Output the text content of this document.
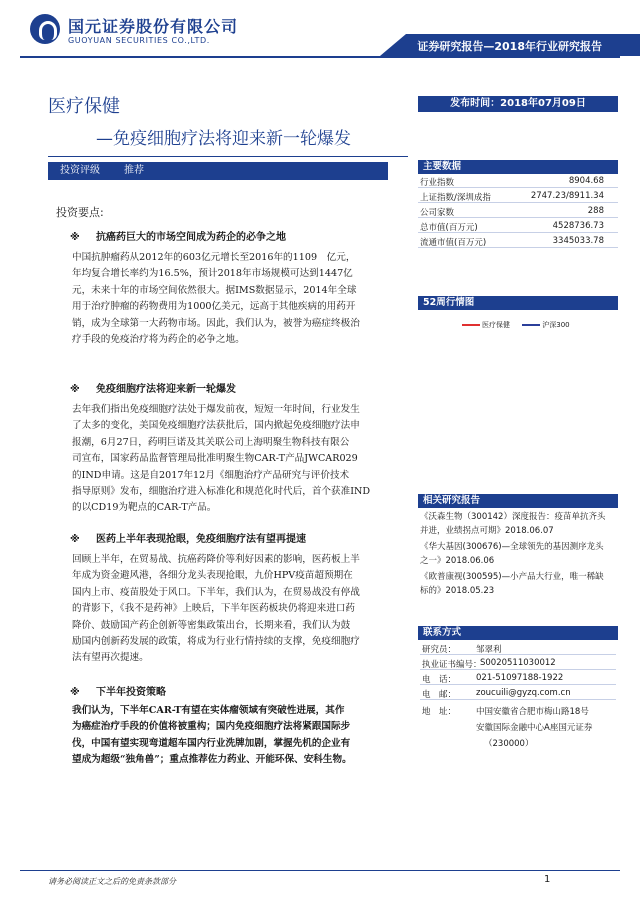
国元证券股份有限公司
GUOYUAN SECURITIES CO.,LTD.	证券研究报告—2018年行业研究报告
医疗保健
—免疫细胞疗法将迎来新一轮爆发
发布时间：2018年07月09日
投资评级 推荐
投资要点:
※ 抗癌药巨大的市场空间成为药企的必争之地
中国抗肿瘤药从2012年的603亿元增长至2016年的1109　亿元，
年均复合增长率约为16.5%，预计2018年市场规模可达到1447亿
元，未来十年的市场空间依然很大。据IMS数据显示，2014年全球
用于治疗肿瘤的药物费用为1000亿美元，远高于其他疾病的用药开
销，成为全球第一大药物市场。因此，我们认为，被誉为癌症终极治
疗手段的免疫治疗将为药企的必争之地。
※ 免疫细胞疗法将迎来新一轮爆发
去年我们指出免疫细胞疗法处于爆发前夜，短短一年时间，行业发生
了太多的变化，美国免疫细胞疗法获批后，国内掀起免疫细胞疗法申
报潮，6月27日，药明巨诺及其关联公司上海明聚生物科技有限公
司宣布，国家药品监督管理局批准明聚生物CAR-T产品JWCAR029
的IND申请。这是自2017年12月《细胞治疗产品研究与评价技术
指导原则》发布，细胞治疗进入标准化和规范化时代后，首个获准IND
的以CD19为靶点的CAR-T产品。
※ 医药上半年表现抢眼，免疫细胞疗法有望再提速
回顾上半年，在贸易战、抗癌药降价等利好因素的影响，医药板上半
年成为资金避风港，各细分龙头表现抢眼，九价HPV疫苗超预期在
国内上市、疫苗股处于风口。下半年，我们认为，在贸易战没有停战
的背影下，《我不是药神》上映后，下半年医药板块仍将迎来进口药
降价、鼓励国产药企创新等密集政策出台，长期来看，我们认为鼓
励国内创新药发展的政策，将成为行业行情持续的支撑，免疫细胞疗
法有望再次提速。
※ 下半年投资策略
我们认为，下半年CAR-T有望在实体瘤领域有突破性进展，其作
为癌症治疗手段的价值将被重构；国内免疫细胞疗法将紧跟国际步
伐，中国有望实现弯道超车国内行业洗牌加剧，掌握先机的企业有
望成为超级“独角兽”；重点推荐佐力药业、开能环保、安科生物。
主要数据
行业指数	8904.68
上证指数/深圳成指	2747.23/8911.34
公司家数	288
总市值(百万元)	4528736.73
流通市值(百万元)	3345033.78
52周行情图
医疗保健	沪深300
相关研究报告
《沃森生物（300142）深度报告：疫苗单抗齐头
并进，业绩拐点可期》2018.06.07
《华大基因(300676)—全球领先的基因测序龙头
之一》2018.06.06
《欧普康视(300595)—小产品大行业，唯一稀缺
标的》2018.05.23
联系方式
研究员： 邹翠利
执业证书编号：
S0020511030012
电　话： 021-51097188-1922
电　邮： zoucuili@gyzq.com.cn
地　址： 中国安徽省合肥市梅山路18号
安徽国际金融中心A座国元证券
（230000）
请务必阅读正文之后的免责条款部分	1
